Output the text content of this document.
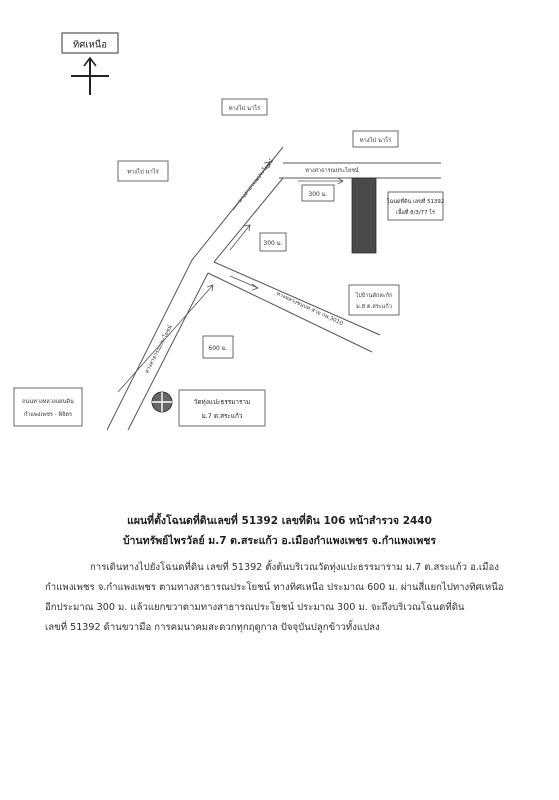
ทิศเหนือ
ทางสาธารณประโยชน์
ทางสาธารณประโยชน์
ทางหลวงชนบท สาย กพ.3010
ทางสาธารณประโยชน์
ทางไป นาไร่
ทางไป นาไร่
ทางไป นาไร่
ไปบ้านดักสะกัก
ม.8 ต.สระแก้ว
ถนนทางหลวงแผ่นดิน
กำแพงเพชร - พิจิตร
300 ม.
300 ม.
600 ม.
โฉนดที่ดิน เลขที่ 51392
เนื้อที่ 8/3/77 ไร่
วัดทุ่งแปะธรรมาราม
ม.7 ต.สระแก้ว
แผนที่ตั้งโฉนดที่ดินเลขที่ 51392 เลขที่ดิน 106 หน้าสำรวจ 2440
บ้านทรัพย์ไพรวัลย์ ม.7 ต.สระแก้ว อ.เมืองกำแพงเพชร จ.กำแพงเพชร
การเดินทางไปยังโฉนดที่ดิน เลขที่ 51392 ตั้งต้นบริเวณวัดทุ่งแปะธรรมาราม ม.7 ต.สระแก้ว อ.เมือง
กำแพงเพชร จ.กำแพงเพชร ตามทางสาธารณประโยชน์ ทางทิศเหนือ ประมาณ 600 ม. ผ่านสี่แยกไปทางทิศเหนือ
อีกประมาณ 300 ม. แล้วแยกขวาตามทางสาธารณประโยชน์ ประมาณ 300 ม. จะถึงบริเวณโฉนดที่ดิน
เลขที่ 51392 ด้านขวามือ การคมนาคมสะดวกทุกฤดูกาล ปัจจุบันปลูกข้าวทั้งแปลง
